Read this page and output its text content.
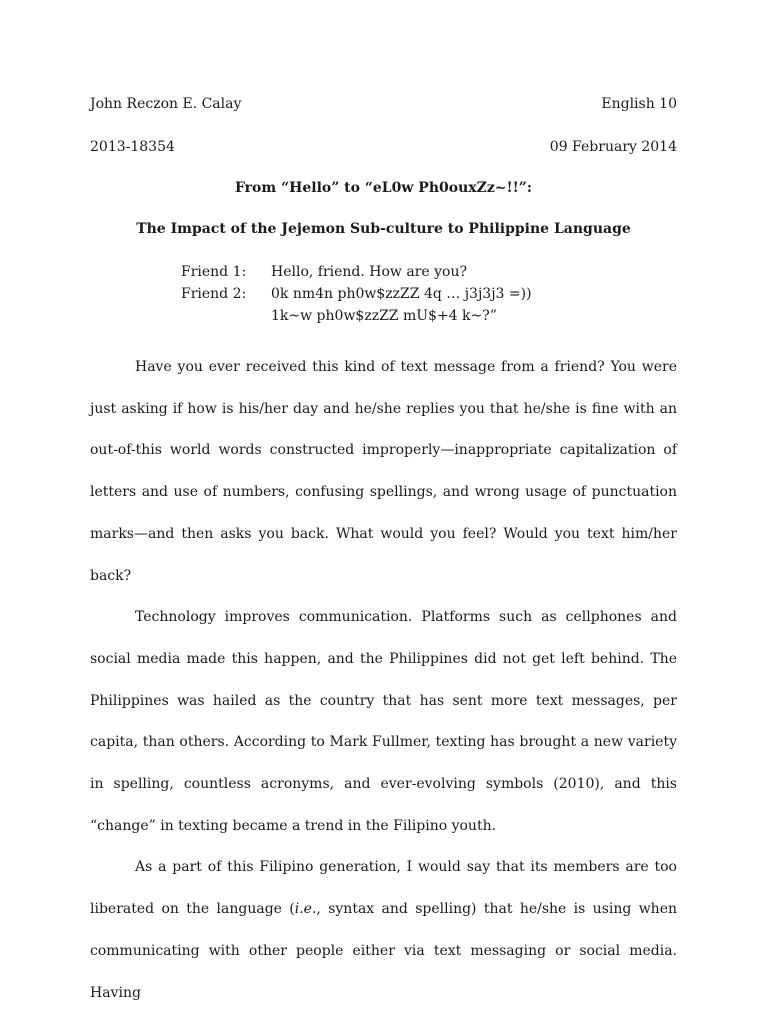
John Reczon E. Calay	English 10
2013-18354	09 February 2014
From “Hello” to “eL0w Ph0ouxZz~!!”:
The Impact of the Jejemon Sub-culture to Philippine Language
Friend 1:	Hello, friend. How are you?
Friend 2:	0k nm4n ph0w$zzZZ 4q … j3j3j3 =))
1k~w ph0w$zzZZ mU$+4 k~?”

Have you ever received this kind of text message from a friend? You were just asking if how is his/her day and he/she replies you that he/she is fine with an out-of-this world words constructed improperly—inappropriate capitalization of letters and use of numbers, confusing spellings, and wrong usage of punctuation marks—and then asks you back. What would you feel? Would you text him/her back?

Technology improves communication. Platforms such as cellphones and social media made this happen, and the Philippines did not get left behind. The Philippines was hailed as the country that has sent more text messages, per capita, than others. According to Mark Fullmer, texting has brought a new variety in spelling, countless acronyms, and ever-evolving symbols (2010), and this “change” in texting became a trend in the Filipino youth.

As a part of this Filipino generation, I would say that its members are too liberated on the language (i.e., syntax and spelling) that he/she is using when communicating with other people either via text messaging or social media. Having
